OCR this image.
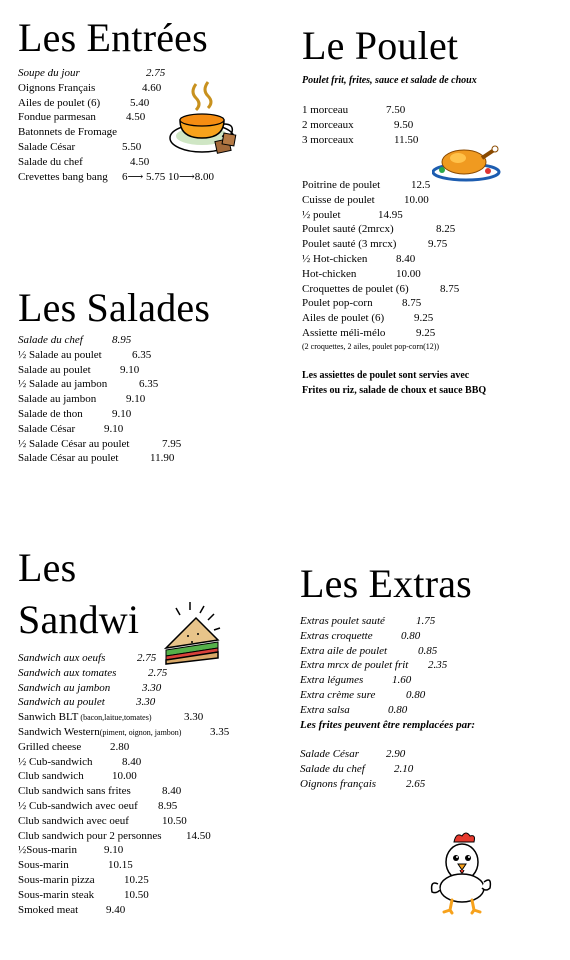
Les Entrées
Soupe du jour	2.75
Oignons Français	4.60
Ailes de poulet (6)	5.40
Fondue parmesan	4.50
Batonnets de Fromage
Salade César	5.50
Salade du chef	4.50
Crevettes bang bang 6⟶ 5.75 10⟶8.00
Le Poulet
Poulet frit, frites, sauce et salade de choux
1 morceau	7.50
2 morceaux	9.50
3 morceaux	11.50
Poitrine de poulet	12.5
Cuisse de poulet	10.00
½ poulet	14.95
Poulet sauté (2mrcx)	8.25
Poulet sauté (3 mrcx)	9.75
½ Hot-chicken	8.40
Hot-chicken	10.00
Croquettes de poulet (6)	8.75
Poulet pop-corn	8.75
Ailes de poulet (6)	9.25
Assiette méli-mélo	9.25
(2 croquettes, 2 ailes, poulet pop-corn(12))
Les assiettes de poulet sont servies avec
Frites ou riz, salade de choux et sauce BBQ
Les Salades
Salade du chef	8.95
½ Salade au poulet	6.35
Salade au poulet	9.10
½ Salade au jambon	6.35
Salade au jambon	9.10
Salade de thon	9.10
Salade César	9.10
½ Salade César au poulet	7.95
Salade César au poulet	11.90
Les
Sandwi
Sandwich aux oeufs	2.75
Sandwich aux tomates	2.75
Sandwich au jambon	3.30
Sandwich au poulet	3.30
Sanwich BLT (bacon,laitue,tomates)	3.30
Sandwich Western(piment, oignon, jambon)	3.35
Grilled cheese	2.80
½ Cub-sandwich	8.40
Club sandwich	10.00
Club sandwich sans frites	8.40
½ Cub-sandwich avec oeuf 8.95
Club sandwich avec oeuf	10.50
Club sandwich pour 2 personnes 14.50
½Sous-marin 9.10
Sous-marin	10.15
Sous-marin pizza	10.25
Sous-marin steak	10.50
Smoked meat	9.40
Les Extras
Extras poulet sauté	1.75
Extras croquette	0.80
Extra aile de poulet	0.85
Extra mrcx de poulet frit 2.35
Extra légumes	1.60
Extra crème sure	0.80
Extra salsa	0.80
Les frites peuvent être remplacées par:
Salade César 2.90
Salade du chef	2.10
Oignons français	2.65
